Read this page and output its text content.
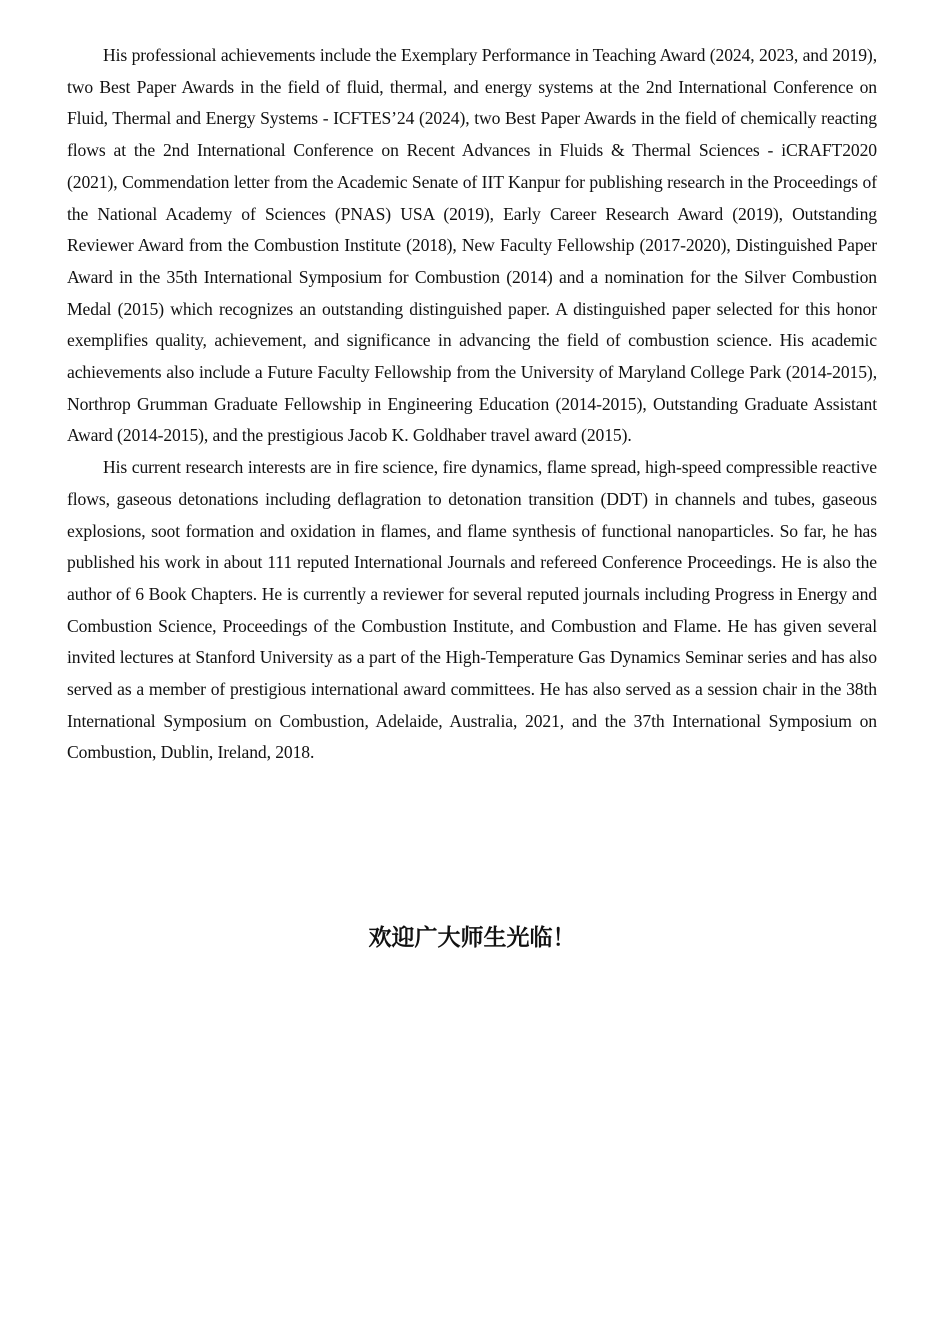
His professional achievements include the Exemplary Performance in Teaching Award (2024, 2023, and 2019), two Best Paper Awards in the field of fluid, thermal, and energy systems at the 2nd International Conference on Fluid, Thermal and Energy Systems - ICFTES’24 (2024), two Best Paper Awards in the field of chemically reacting flows at the 2nd International Conference on Recent Advances in Fluids & Thermal Sciences - iCRAFT2020 (2021), Commendation letter from the Academic Senate of IIT Kanpur for publishing research in the Proceedings of the National Academy of Sciences (PNAS) USA (2019), Early Career Research Award (2019), Outstanding Reviewer Award from the Combustion Institute (2018), New Faculty Fellowship (2017-2020), Distinguished Paper Award in the 35th International Symposium for Combustion (2014) and a nomination for the Silver Combustion Medal (2015) which recognizes an outstanding distinguished paper. A distinguished paper selected for this honor exemplifies quality, achievement, and significance in advancing the field of combustion science. His academic achievements also include a Future Faculty Fellowship from the University of Maryland College Park (2014-2015), Northrop Grumman Graduate Fellowship in Engineering Education (2014-2015), Outstanding Graduate Assistant Award (2014-2015), and the prestigious Jacob K. Goldhaber travel award (2015).

His current research interests are in fire science, fire dynamics, flame spread, high-speed compressible reactive flows, gaseous detonations including deflagration to detonation transition (DDT) in channels and tubes, gaseous explosions, soot formation and oxidation in flames, and flame synthesis of functional nanoparticles. So far, he has published his work in about 111 reputed International Journals and refereed Conference Proceedings. He is also the author of 6 Book Chapters. He is currently a reviewer for several reputed journals including Progress in Energy and Combustion Science, Proceedings of the Combustion Institute, and Combustion and Flame. He has given several invited lectures at Stanford University as a part of the High-Temperature Gas Dynamics Seminar series and has also served as a member of prestigious international award committees. He has also served as a session chair in the 38th International Symposium on Combustion, Adelaide, Australia, 2021, and the 37th International Symposium on Combustion, Dublin, Ireland, 2018.

欢迎广大师生光临！
